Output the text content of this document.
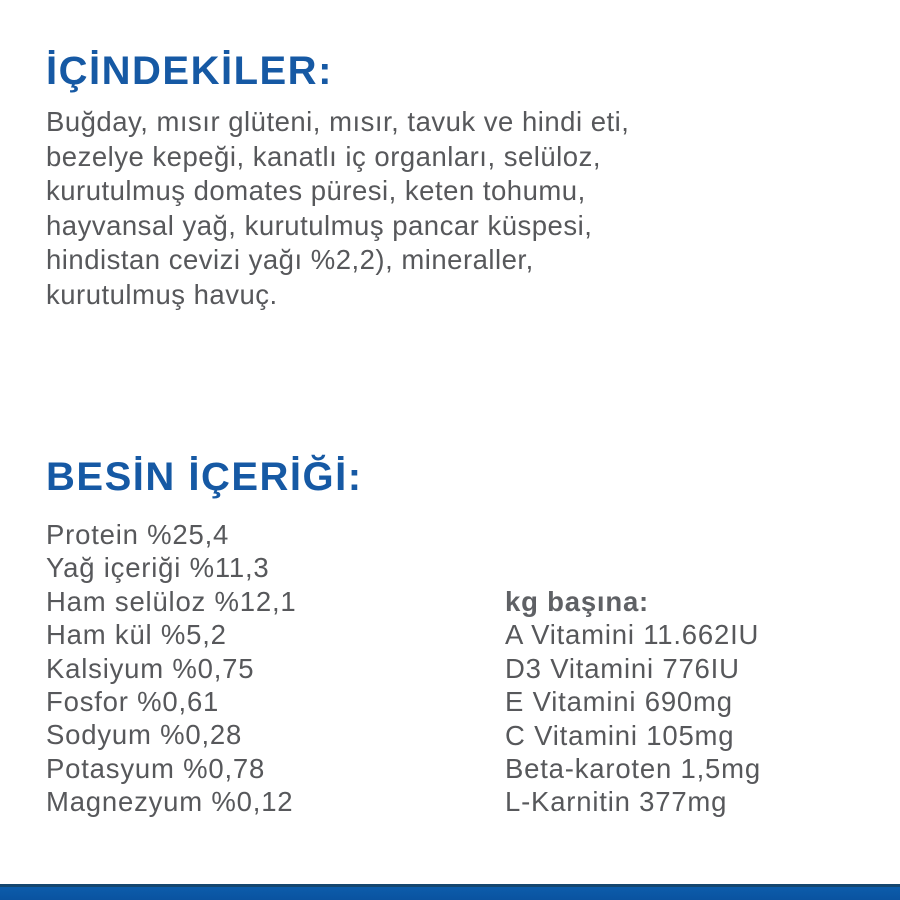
İÇİNDEKİLER:
Buğday, mısır glüteni, mısır, tavuk ve hindi eti,
bezelye kepeği, kanatlı iç organları, selüloz,
kurutulmuş domates püresi, keten tohumu,
hayvansal yağ, kurutulmuş pancar küspesi,
hindistan cevizi yağı %2,2), mineraller,
kurutulmuş havuç.
BESİN İÇERİĞİ:
Protein %25,4
Yağ içeriği %11,3
Ham selüloz %12,1
Ham kül %5,2
Kalsiyum %0,75
Fosfor %0,61
Sodyum %0,28
Potasyum %0,78
Magnezyum %0,12
kg başına:
A Vitamini 11.662IU
D3 Vitamini 776IU
E Vitamini 690mg
C Vitamini 105mg
Beta-karoten 1,5mg
L-Karnitin 377mg
